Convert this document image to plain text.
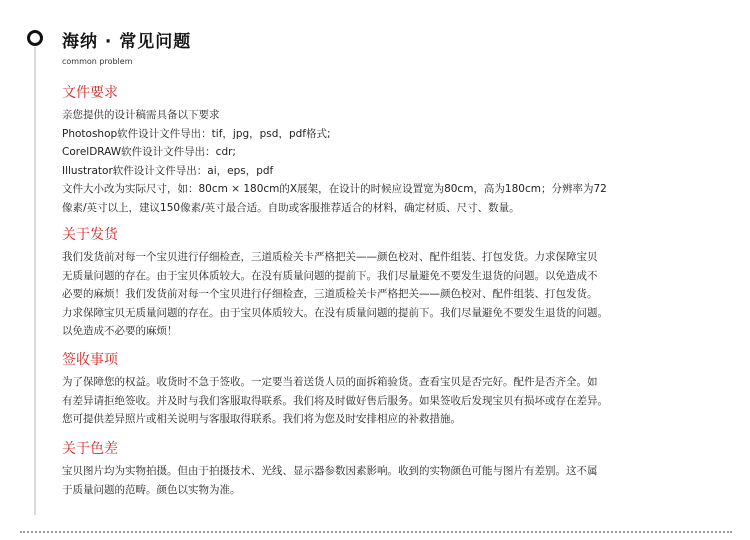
海纳 · 常见问题
common problem
文件要求
亲您提供的设计稿需具备以下要求
Photoshop软件设计文件导出：tif，jpg，psd，pdf格式;
CorelDRAW软件设计文件导出：cdr;
Illustrator软件设计文件导出：ai，eps，pdf
文件大小改为实际尺寸，如：80cm × 180cm的X展架，在设计的时候应设置宽为80cm，高为180cm；分辨率为72
像素/英寸以上，建议150像素/英寸最合适。自助或客服推荐适合的材料，确定材质、尺寸、数量。
关于发货
我们发货前对每一个宝贝进行仔细检查，三道质检关卡严格把关——颜色校对、配件组装、打包发货。力求保障宝贝
无质量问题的存在。由于宝贝体质较大。在没有质量问题的提前下。我们尽量避免不要发生退货的问题。以免造成不
必要的麻烦！我们发货前对每一个宝贝进行仔细检查，三道质检关卡严格把关——颜色校对、配件组装、打包发货。
力求保障宝贝无质量问题的存在。由于宝贝体质较大。在没有质量问题的提前下。我们尽量避免不要发生退货的问题。
以免造成不必要的麻烦！
签收事项
为了保障您的权益。收货时不急于签收。一定要当着送货人员的面拆箱验货。查看宝贝是否完好。配件是否齐全。如
有差异请拒绝签收。并及时与我们客服取得联系。我们将及时做好售后服务。如果签收后发现宝贝有损坏或存在差异。
您可提供差异照片或相关说明与客服取得联系。我们将为您及时安排相应的补救措施。
关于色差
宝贝图片均为实物拍摄。但由于拍摄技术、光线、显示器参数因素影响。收到的实物颜色可能与图片有差别。这不属
于质量问题的范畴。颜色以实物为准。
